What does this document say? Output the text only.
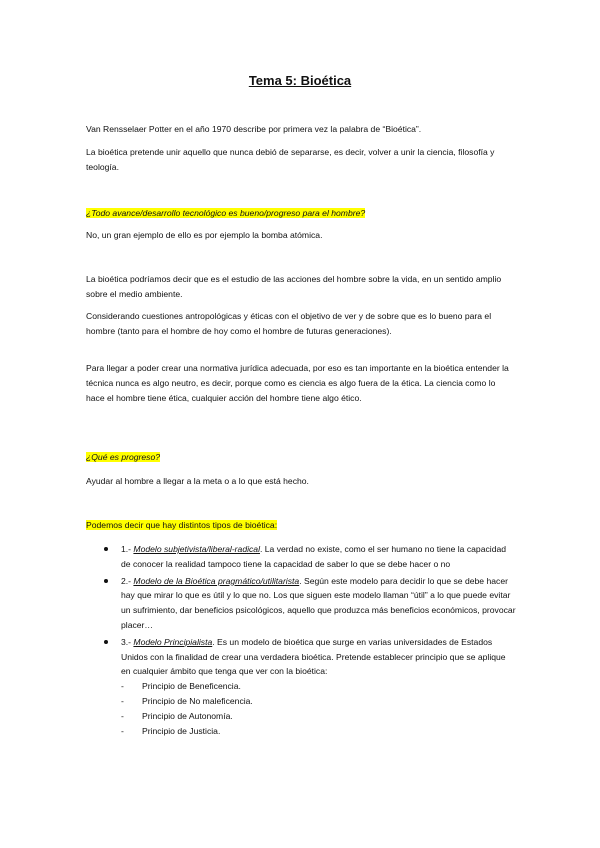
Tema 5: Bioética

Van Rensselaer Potter en el año 1970 describe por primera vez la palabra de “Bioética”.

La bioética pretende unir aquello que nunca debió de separarse, es decir, volver a unir la ciencia, filosofía y teología.

¿Todo avance/desarrollo tecnológico es bueno/progreso para el hombre?

No, un gran ejemplo de ello es por ejemplo la bomba atómica.

La bioética podríamos decir que es el estudio de las acciones del hombre sobre la vida, en un sentido amplio sobre el medio ambiente.

Considerando cuestiones antropológicas y éticas con el objetivo de ver y de sobre que es lo bueno para el hombre (tanto para el hombre de hoy como el hombre de futuras generaciones).

Para llegar a poder crear una normativa jurídica adecuada, por eso es tan importante en la bioética entender la técnica nunca es algo neutro, es decir, porque como es ciencia es algo fuera de la ética. La ciencia como lo hace el hombre tiene ética, cualquier acción del hombre tiene algo ético.

¿Qué es progreso?

Ayudar al hombre a llegar a la meta o a lo que está hecho.

Podemos decir que hay distintos tipos de bioética:

1.- Modelo subjetivista/liberal-radical. La verdad no existe, como el ser humano no tiene la capacidad de conocer la realidad tampoco tiene la capacidad de saber lo que se debe hacer o no
2.- Modelo de la Bioética pragmático/utilitarista. Según este modelo para decidir lo que se debe hacer hay que mirar lo que es útil y lo que no. Los que siguen este modelo llaman “útil” a lo que puede evitar un sufrimiento, dar beneficios psicológicos, aquello que produzca más beneficios económicos, provocar placer…
3.- Modelo Principialista. Es un modelo de bioética que surge en varias universidades de Estados Unidos con la finalidad de crear una verdadera bioética. Pretende establecer principio que se aplique en cualquier ámbito que tenga que ver con la bioética:
- Principio de Beneficencia.
- Principio de No maleficencia.
- Principio de Autonomía.
- Principio de Justicia.
